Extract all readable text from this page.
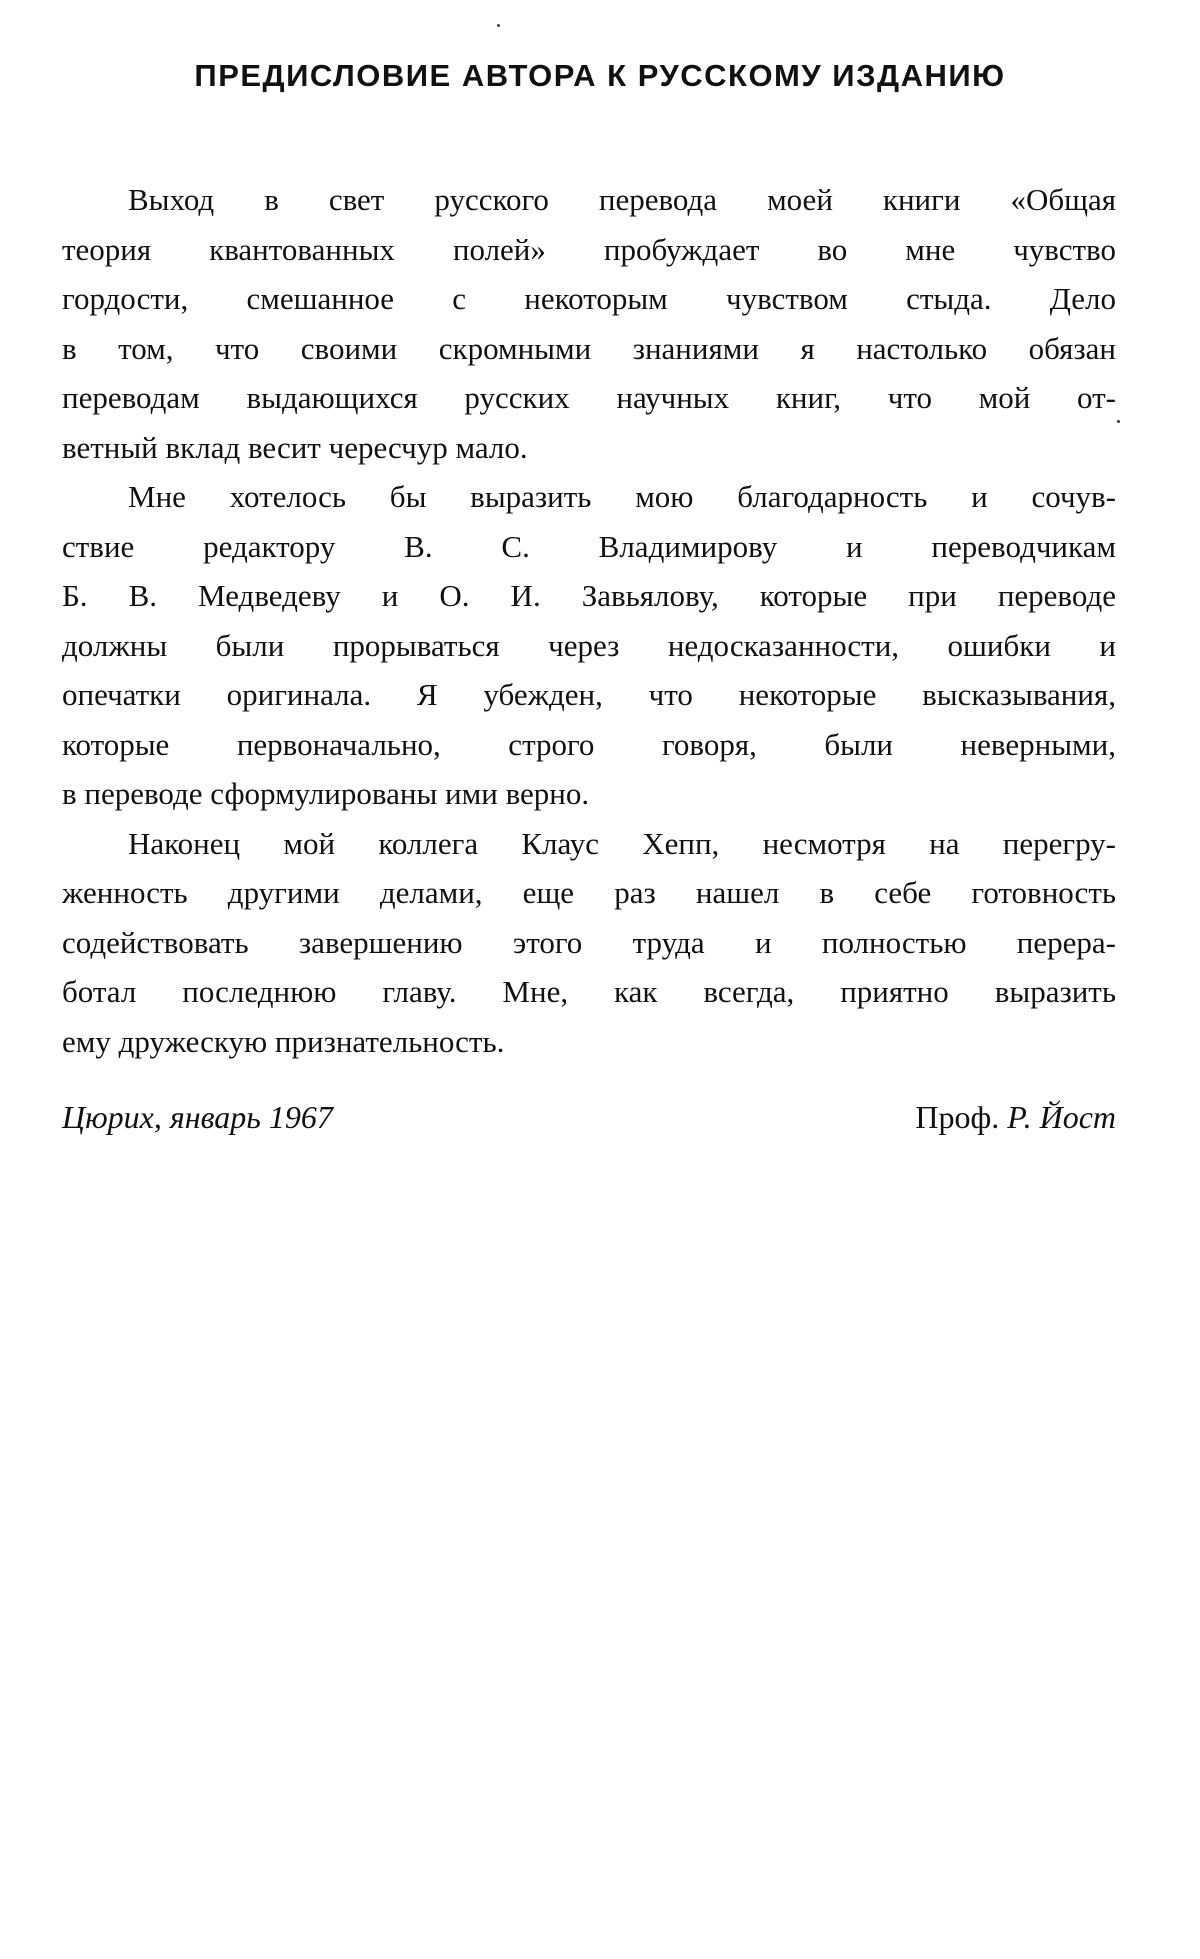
ПРЕДИСЛОВИЕ АВТОРА К РУССКОМУ ИЗДАНИЮ
Выход в свет русского перевода моей книги «Общая
теория квантованных полей» пробуждает во мне чувство
гордости, смешанное с некоторым чувством стыда. Дело
в том, что своими скромными знаниями я настолько обязан
переводам выдающихся русских научных книг, что мой от-
ветный вклад весит чересчур мало.
Мне хотелось бы выразить мою благодарность и сочув-
ствие редактору В. С. Владимирову и переводчикам
Б. В. Медведеву и О. И. Завьялову, которые при переводе
должны были прорываться через недосказанности, ошибки и
опечатки оригинала. Я убежден, что некоторые высказывания,
которые первоначально, строго говоря, были неверными,
в переводе сформулированы ими верно.
Наконец мой коллега Клаус Хепп, несмотря на перегру-
женность другими делами, еще раз нашел в себе готовность
содействовать завершению этого труда и полностью перера-
ботал последнюю главу. Мне, как всегда, приятно выразить
ему дружескую признательность.
Цюрих, январь 1967	Проф. Р. Йост
